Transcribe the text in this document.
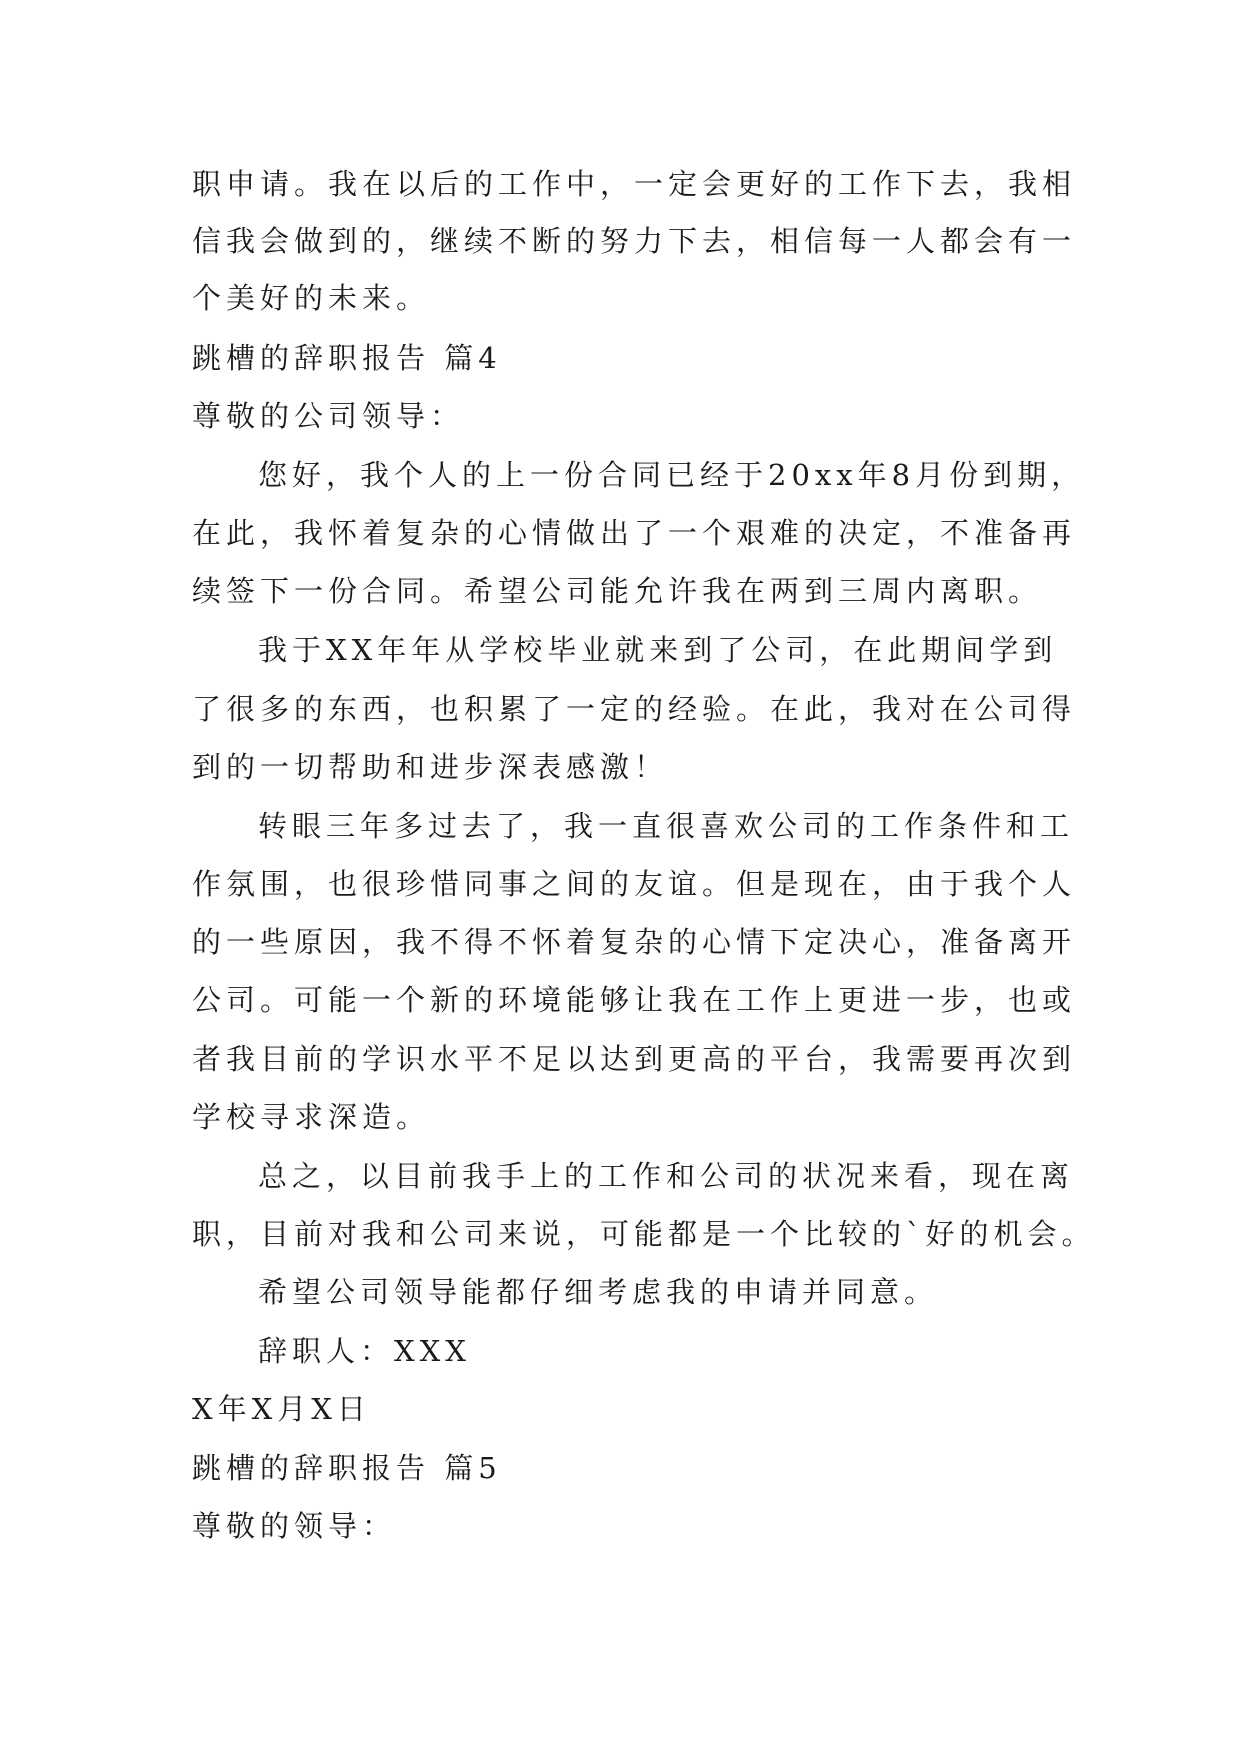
职申请。我在以后的工作中，一定会更好的工作下去，我相
信我会做到的，继续不断的努力下去，相信每一人都会有一
个美好的未来。
跳槽的辞职报告 篇4
尊敬的公司领导：
您好，我个人的上一份合同已经于20xx年8月份到期，
在此，我怀着复杂的心情做出了一个艰难的决定，不准备再
续签下一份合同。希望公司能允许我在两到三周内离职。
我于XX年年从学校毕业就来到了公司，在此期间学到
了很多的东西，也积累了一定的经验。在此，我对在公司得
到的一切帮助和进步深表感激！
转眼三年多过去了，我一直很喜欢公司的工作条件和工
作氛围，也很珍惜同事之间的友谊。但是现在，由于我个人
的一些原因，我不得不怀着复杂的心情下定决心，准备离开
公司。可能一个新的环境能够让我在工作上更进一步，也或
者我目前的学识水平不足以达到更高的平台，我需要再次到
学校寻求深造。
总之，以目前我手上的工作和公司的状况来看，现在离
职，目前对我和公司来说，可能都是一个比较的`好的机会。
希望公司领导能都仔细考虑我的申请并同意。
辞职人：XXX
X年X月X日
跳槽的辞职报告 篇5
尊敬的领导：
